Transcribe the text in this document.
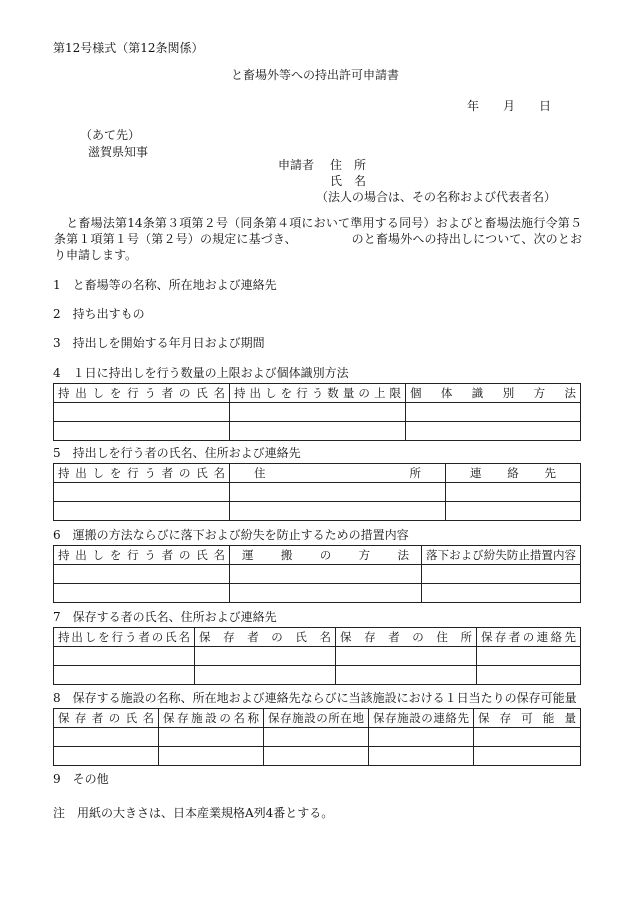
第12号様式（第12条関係）
と畜場外等への持出許可申請書
年　　月　　日
（あて先）
滋賀県知事
申請者 住　所
氏　名
（法人の場合は、その名称および代表者名）
と畜場法第14条第３項第２号（同条第４項において準用する同号）およびと畜場法施行令第５条第１項第１号（第２号）の規定に基づき、　　　　　のと畜場外への持出しについて、次のとおり申請します。
1　と畜場等の名称、所在地および連絡先
2　持ち出すもの
3　持出しを開始する年月日および期間
4　１日に持出しを行う数量の上限および個体識別方法
持出しを行う者の氏名	持出しを行う数量の上限	個体識別方法

5　持出しを行う者の氏名、住所および連絡先
持出しを行う者の氏名	住所	連絡先

6　運搬の方法ならびに落下および紛失を防止するための措置内容
持出しを行う者の氏名	運搬の方法	落下および紛失防止措置内容

7　保存する者の氏名、住所および連絡先
持出しを行う者の氏名	保存者の氏名	保存者の住所	保存者の連絡先

8　保存する施設の名称、所在地および連絡先ならびに当該施設における１日当たりの保存可能量
保存者の氏名	保存施設の名称	保存施設の所在地	保存施設の連絡先	保存可能量

9　その他
注　用紙の大きさは、日本産業規格A列4番とする。
